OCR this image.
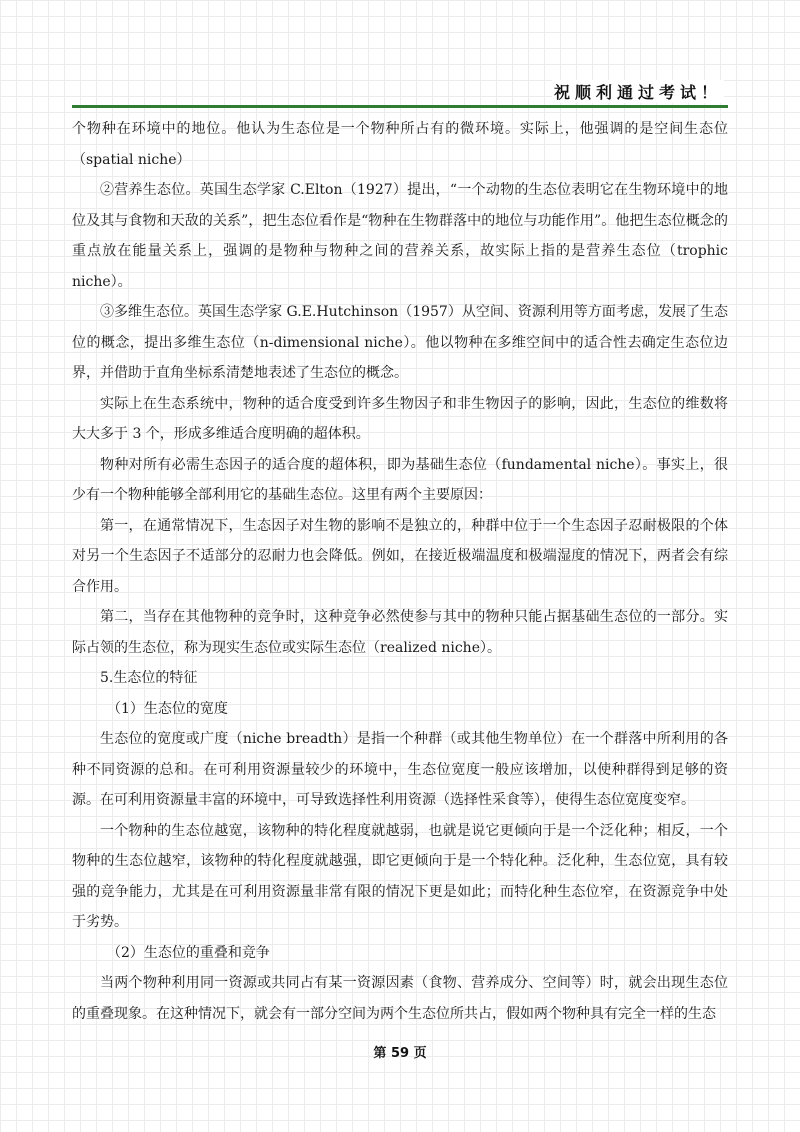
祝顺利通过考试！

个物种在环境中的地位。他认为生态位是一个物种所占有的微环境。实际上，他强调的是空间生态位（spatial niche）

②营养生态位。英国生态学家 C.Elton（1927）提出，“一个动物的生态位表明它在生物环境中的地位及其与食物和天敌的关系”，把生态位看作是“物种在生物群落中的地位与功能作用”。他把生态位概念的重点放在能量关系上，强调的是物种与物种之间的营养关系，故实际上指的是营养生态位（trophic niche）。

③多维生态位。英国生态学家 G.E.Hutchinson（1957）从空间、资源利用等方面考虑，发展了生态位的概念，提出多维生态位（n-dimensional niche）。他以物种在多维空间中的适合性去确定生态位边界，并借助于直角坐标系清楚地表述了生态位的概念。

实际上在生态系统中，物种的适合度受到许多生物因子和非生物因子的影响，因此，生态位的维数将大大多于 3 个，形成多维适合度明确的超体积。

物种对所有必需生态因子的适合度的超体积，即为基础生态位（fundamental niche）。事实上，很少有一个物种能够全部利用它的基础生态位。这里有两个主要原因：

第一，在通常情况下，生态因子对生物的影响不是独立的，种群中位于一个生态因子忍耐极限的个体对另一个生态因子不适部分的忍耐力也会降低。例如，在接近极端温度和极端湿度的情况下，两者会有综合作用。

第二，当存在其他物种的竞争时，这种竞争必然使参与其中的物种只能占据基础生态位的一部分。实际占领的生态位，称为现实生态位或实际生态位（realized niche）。

5.生态位的特征

（1）生态位的宽度

生态位的宽度或广度（niche breadth）是指一个种群（或其他生物单位）在一个群落中所利用的各种不同资源的总和。在可利用资源量较少的环境中，生态位宽度一般应该增加，以使种群得到足够的资源。在可利用资源量丰富的环境中，可导致选择性利用资源（选择性采食等），使得生态位宽度变窄。

一个物种的生态位越宽，该物种的特化程度就越弱，也就是说它更倾向于是一个泛化种；相反，一个物种的生态位越窄，该物种的特化程度就越强，即它更倾向于是一个特化种。泛化种，生态位宽，具有较强的竞争能力，尤其是在可利用资源量非常有限的情况下更是如此；而特化种生态位窄，在资源竞争中处于劣势。

（2）生态位的重叠和竞争

当两个物种利用同一资源或共同占有某一资源因素（食物、营养成分、空间等）时，就会出现生态位的重叠现象。在这种情况下，就会有一部分空间为两个生态位所共占，假如两个物种具有完全一样的生态

第 59 页
